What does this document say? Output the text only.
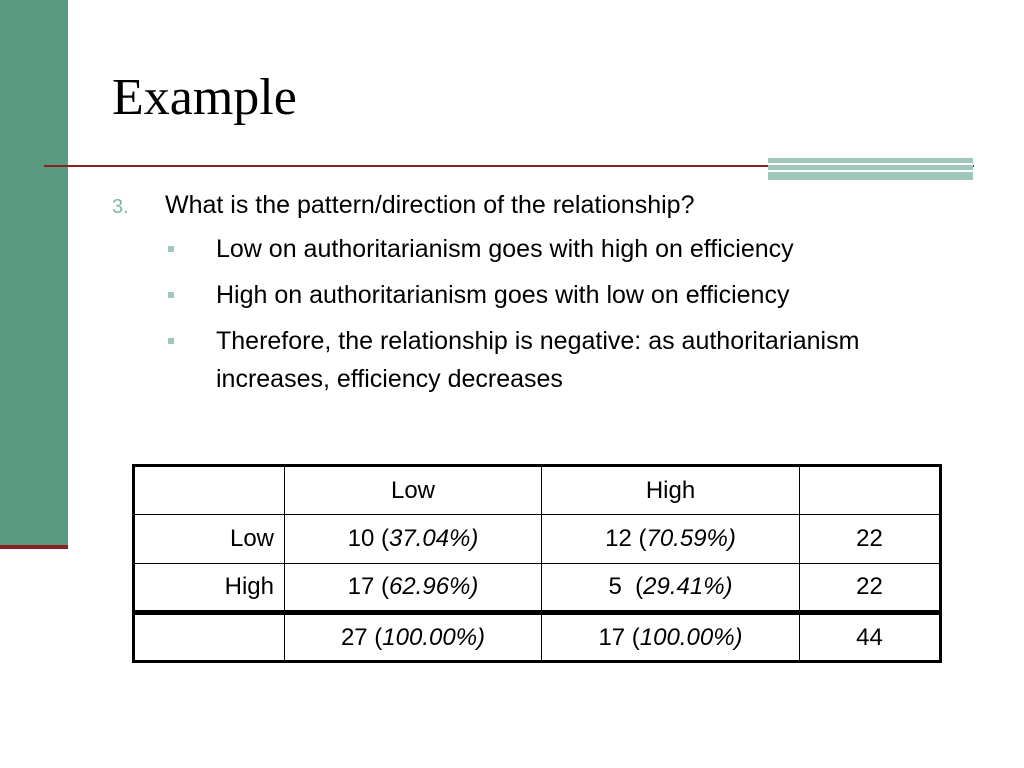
Example
3. What is the pattern/direction of the relationship?
Low on authoritarianism goes with high on efficiency
High on authoritarianism goes with low on efficiency
Therefore, the relationship is negative: as authoritarianism increases, efficiency decreases
	Low	High	
Low	10 (37.04%)	12 (70.59%)	22
High	17 (62.96%)	5  (29.41%)	22
	27 (100.00%)	17 (100.00%)	44
